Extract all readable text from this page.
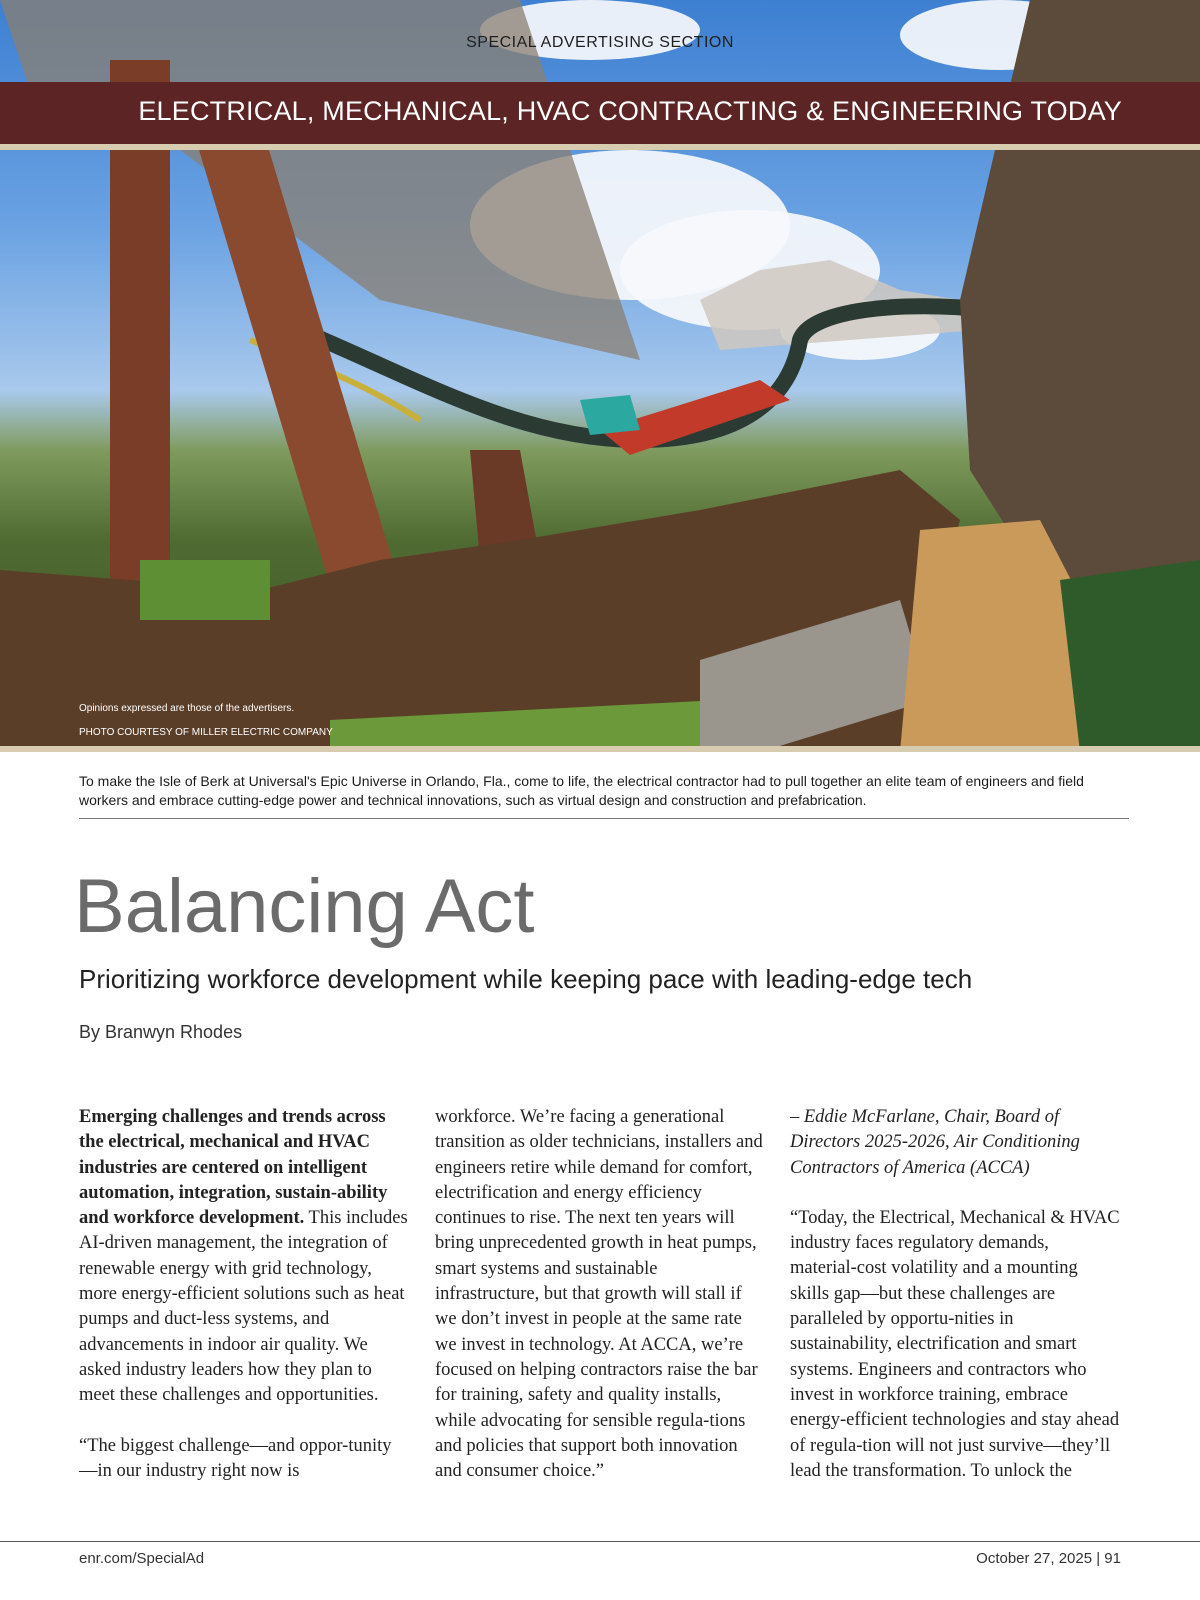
SPECIAL ADVERTISING SECTION
ELECTRICAL, MECHANICAL, HVAC CONTRACTING & ENGINEERING TODAY
Opinions expressed are those of the advertisers.
PHOTO COURTESY OF MILLER ELECTRIC COMPANY
To make the Isle of Berk at Universal's Epic Universe in Orlando, Fla., come to life, the electrical contractor had to pull together an elite team of engineers and field workers and embrace cutting-edge power and technical innovations, such as virtual design and construction and prefabrication.
Balancing Act
Prioritizing workforce development while keeping pace with leading-edge tech
By Branwyn Rhodes

Emerging challenges and trends across the electrical, mechanical and HVAC industries are centered on intelligent automation, integration, sustain-ability and workforce development. This includes AI-driven management, the integration of renewable energy with grid technology, more energy-efficient solutions such as heat pumps and duct-less systems, and advancements in indoor air quality. We asked industry leaders how they plan to meet these challenges and opportunities.

“The biggest challenge—and oppor-tunity—in our industry right now is

workforce. We’re facing a generational transition as older technicians, installers and engineers retire while demand for comfort, electrification and energy efficiency continues to rise. The next ten years will bring unprecedented growth in heat pumps, smart systems and sustainable infrastructure, but that growth will stall if we don’t invest in people at the same rate we invest in technology. At ACCA, we’re focused on helping contractors raise the bar for training, safety and quality installs, while advocating for sensible regula-tions and policies that support both innovation and consumer choice.”

– Eddie McFarlane, Chair, Board of Directors 2025-2026, Air Conditioning Contractors of America (ACCA)

“Today, the Electrical, Mechanical & HVAC industry faces regulatory demands, material-cost volatility and a mounting skills gap—but these challenges are paralleled by opportu-nities in sustainability, electrification and smart systems. Engineers and contractors who invest in workforce training, embrace energy-efficient technologies and stay ahead of regula-tion will not just survive—they’ll lead the transformation. To unlock the

enr.com/SpecialAd	October 27, 2025 | 91
